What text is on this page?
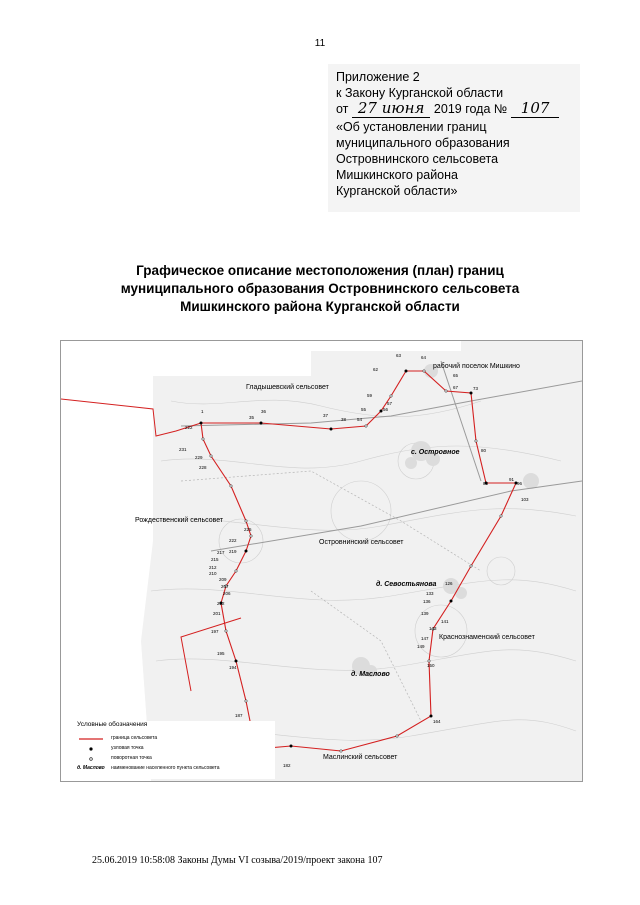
11
Приложение 2
к Закону Курганской области
от 27 июня 2019 года № 107
«Об установлении границ
муниципального образования
Островнинского сельсовета
Мишкинского района
Курганской области»
Графическое описание местоположения (план) границ
муниципального образования Островнинского сельсовета
Мишкинского района Курганской области
Гладышевский сельсовет
рабочий поселок Мишкино
Рождественский сельсовет
Островнинский сельсовет
Краснознаменский сельсовет
Маслинский сельсовет
с. Островное
д. Севостьянова
д. Маслово
1
222
36
35	37
38 54
55	56
57
59
62
63	64
65
67	73
80
83
91
96
103
126
133
136
139
141
143
147
149
150
164
182
187
194
195
197
201
202
206
207
209
210
212
215
217 219
222
225
228
229
231
Условные обозначения
граница сельсовета
узловая точка
поворотная точка
д. Маслово наименование населенного пункта сельсовета
25.06.2019 10:58:08 Законы Думы VI созыва/2019/проект закона 107
